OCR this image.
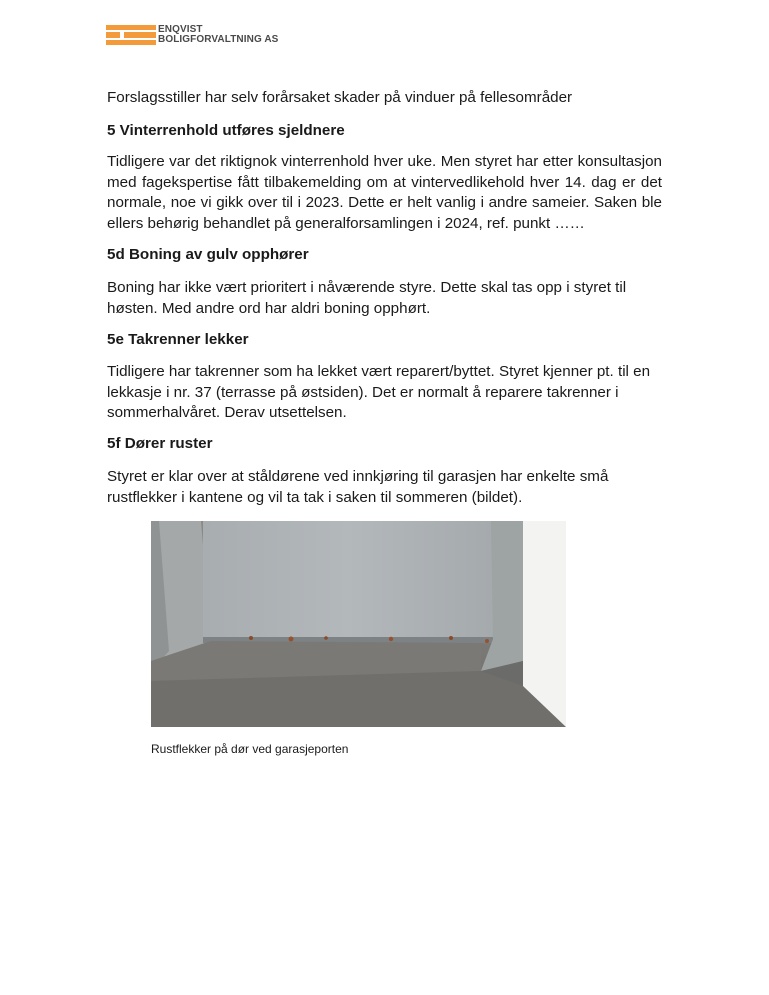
ENQVIST
BOLIGFORVALTNING AS
Forslagsstiller har selv forårsaket skader på vinduer på fellesområder
5 Vinterrenhold utføres sjeldnere
Tidligere var det riktignok vinterrenhold hver uke. Men styret har etter konsultasjon med fagekspertise fått tilbakemelding om at vintervedlikehold hver 14. dag er det normale, noe vi gikk over til i 2023. Dette er helt vanlig i andre sameier. Saken ble ellers behørig behandlet på generalforsamlingen i 2024, ref. punkt ……
5d Boning av gulv opphører
Boning har ikke vært prioritert i nåværende styre. Dette skal tas opp i styret til høsten. Med andre ord har aldri boning opphørt.
5e Takrenner lekker
Tidligere har takrenner som ha lekket vært reparert/byttet. Styret kjenner pt. til en lekkasje i nr. 37 (terrasse på østsiden). Det er normalt å reparere takrenner i sommerhalvåret. Derav utsettelsen.
5f Dører ruster
Styret er klar over at ståldørene ved innkjøring til garasjen har enkelte små rustflekker i kantene og vil ta tak i saken til sommeren (bildet).
Rustflekker på dør ved garasjeporten
